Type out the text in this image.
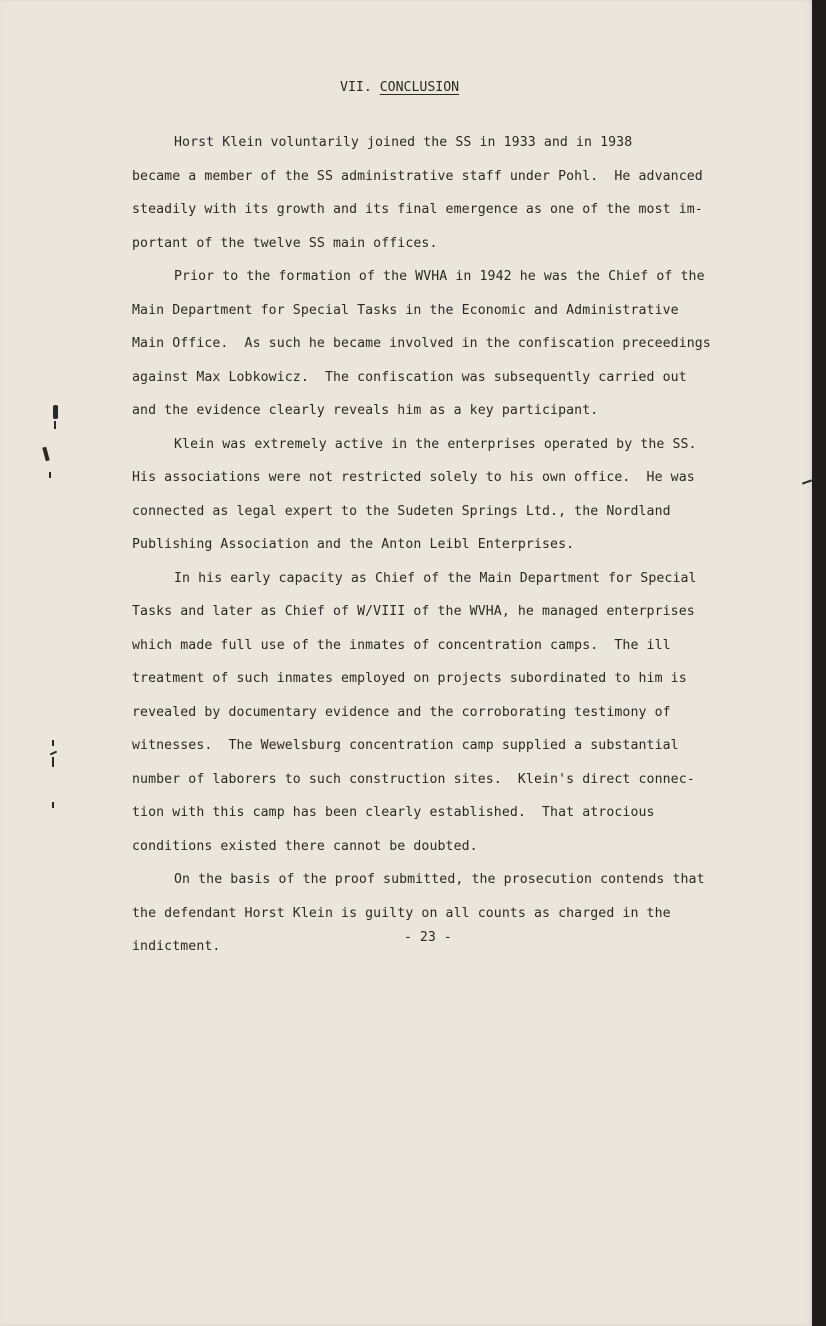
VII. CONCLUSION
Horst Klein voluntarily joined the SS in 1933 and in 1938
became a member of the SS administrative staff under Pohl.  He advanced
steadily with its growth and its final emergence as one of the most im-
portant of the twelve SS main offices.
Prior to the formation of the WVHA in 1942 he was the Chief of the
Main Department for Special Tasks in the Economic and Administrative
Main Office.  As such he became involved in the confiscation preceedings
against Max Lobkowicz.  The confiscation was subsequently carried out
and the evidence clearly reveals him as a key participant.
Klein was extremely active in the enterprises operated by the SS.
His associations were not restricted solely to his own office.  He was
connected as legal expert to the Sudeten Springs Ltd., the Nordland
Publishing Association and the Anton Leibl Enterprises.
In his early capacity as Chief of the Main Department for Special
Tasks and later as Chief of W/VIII of the WVHA, he managed enterprises
which made full use of the inmates of concentration camps.  The ill
treatment of such inmates employed on projects subordinated to him is
revealed by documentary evidence and the corroborating testimony of
witnesses.  The Wewelsburg concentration camp supplied a substantial
number of laborers to such construction sites.  Klein's direct connec-
tion with this camp has been clearly established.  That atrocious
conditions existed there cannot be doubted.
On the basis of the proof submitted, the prosecution contends that
the defendant Horst Klein is guilty on all counts as charged in the
indictment.
- 23 -
